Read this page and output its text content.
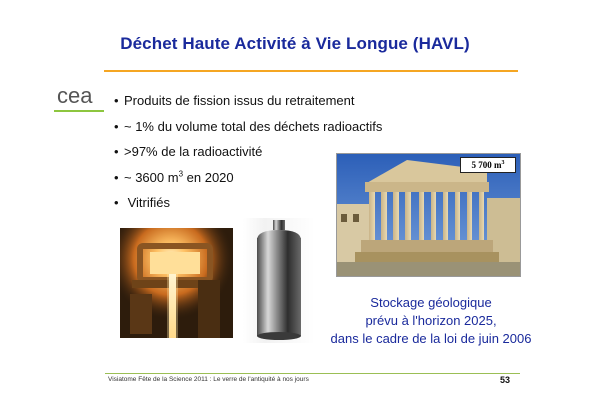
Déchet Haute Activité à Vie Longue (HAVL)
cea • Produits de fission issus du retraitement
• ~ 1% du volume total des déchets radioactifs
• >97% de la radioactivité
• ~ 3600 $m^3$ en 2020
• Vitrifiés
5 700 $m^3$
Stockage géologique
prévu à l'horizon 2025,
dans le cadre de la loi de juin 2006
Visiatome Fête de la Science 2011 : Le verre de l'antiquité à nos jours	53
